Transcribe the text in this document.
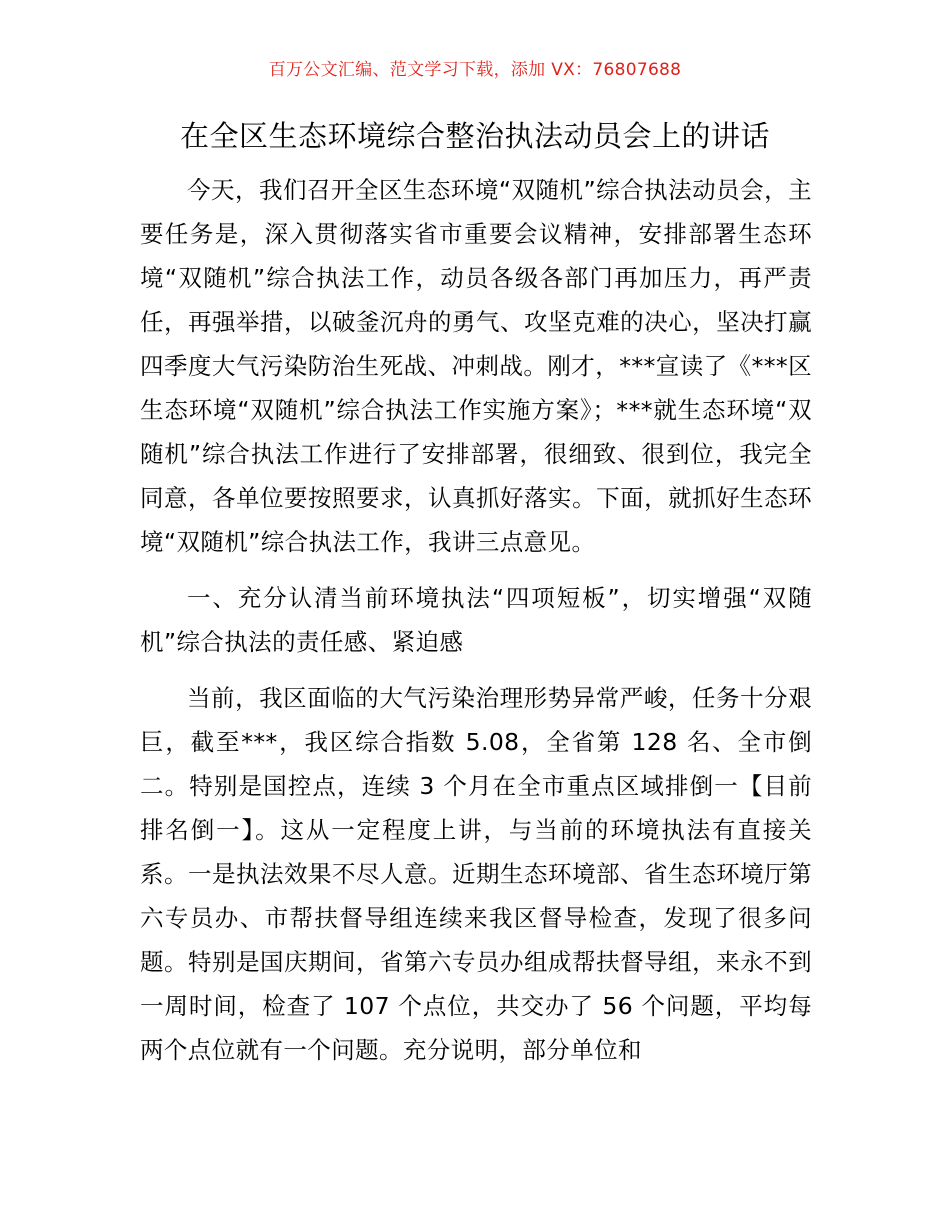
百万公文汇编、范文学习下载，添加 VX：76807688
在全区生态环境综合整治执法动员会上的讲话

今天，我们召开全区生态环境“双随机”综合执法动员会，主要任务是，深入贯彻落实省市重要会议精神，安排部署生态环境“双随机”综合执法工作，动员各级各部门再加压力，再严责任，再强举措，以破釜沉舟的勇气、攻坚克难的决心，坚决打赢四季度大气污染防治生死战、冲刺战。刚才，***宣读了《***区生态环境“双随机”综合执法工作实施方案》；***就生态环境“双随机”综合执法工作进行了安排部署，很细致、很到位，我完全同意，各单位要按照要求，认真抓好落实。下面，就抓好生态环境“双随机”综合执法工作，我讲三点意见。

一、充分认清当前环境执法“四项短板”，切实增强“双随机”综合执法的责任感、紧迫感

当前，我区面临的大气污染治理形势异常严峻，任务十分艰巨，截至***，我区综合指数 5.08，全省第 128 名、全市倒二。特别是国控点，连续 3 个月在全市重点区域排倒一【目前排名倒一】。这从一定程度上讲，与当前的环境执法有直接关系。一是执法效果不尽人意。近期生态环境部、省生态环境厅第六专员办、市帮扶督导组连续来我区督导检查，发现了很多问题。特别是国庆期间，省第六专员办组成帮扶督导组，来永不到一周时间，检查了 107 个点位，共交办了 56 个问题，平均每两个点位就有一个问题。充分说明，部分单位和
